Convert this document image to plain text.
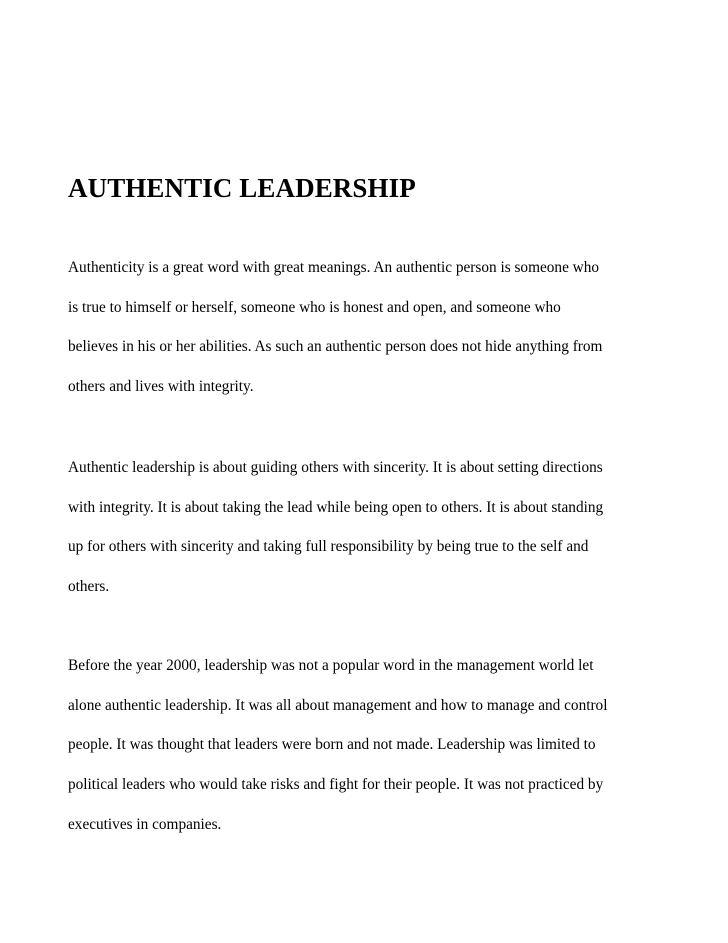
AUTHENTIC LEADERSHIP

Authenticity is a great word with great meanings. An authentic person is someone who
is true to himself or herself, someone who is honest and open, and someone who
believes in his or her abilities. As such an authentic person does not hide anything from
others and lives with integrity.

Authentic leadership is about guiding others with sincerity. It is about setting directions
with integrity. It is about taking the lead while being open to others. It is about standing
up for others with sincerity and taking full responsibility by being true to the self and
others.

Before the year 2000, leadership was not a popular word in the management world let
alone authentic leadership. It was all about management and how to manage and control
people. It was thought that leaders were born and not made. Leadership was limited to
political leaders who would take risks and fight for their people. It was not practiced by
executives in companies.
